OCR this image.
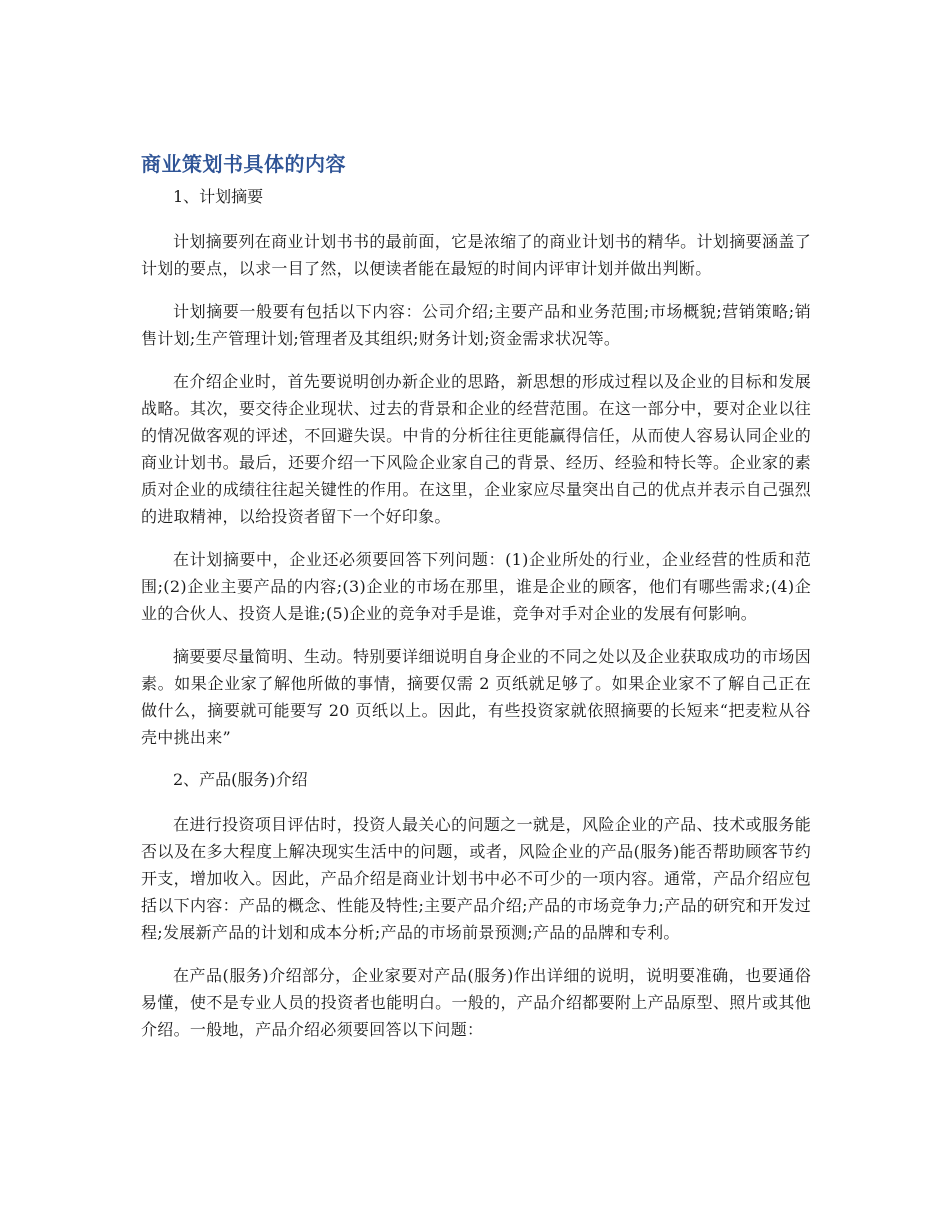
商业策划书具体的内容

1、计划摘要

计划摘要列在商业计划书书的最前面，它是浓缩了的商业计划书的精华。计划摘要涵盖了计划的要点，以求一目了然，以便读者能在最短的时间内评审计划并做出判断。

计划摘要一般要有包括以下内容：公司介绍;主要产品和业务范围;市场概貌;营销策略;销售计划;生产管理计划;管理者及其组织;财务计划;资金需求状况等。

在介绍企业时，首先要说明创办新企业的思路，新思想的形成过程以及企业的目标和发展战略。其次，要交待企业现状、过去的背景和企业的经营范围。在这一部分中，要对企业以往的情况做客观的评述，不回避失误。中肯的分析往往更能赢得信任，从而使人容易认同企业的商业计划书。最后，还要介绍一下风险企业家自己的背景、经历、经验和特长等。企业家的素质对企业的成绩往往起关键性的作用。在这里，企业家应尽量突出自己的优点并表示自己强烈的进取精神，以给投资者留下一个好印象。

在计划摘要中，企业还必须要回答下列问题：(1)企业所处的行业，企业经营的性质和范围;(2)企业主要产品的内容;(3)企业的市场在那里，谁是企业的顾客，他们有哪些需求;(4)企业的合伙人、投资人是谁;(5)企业的竞争对手是谁，竞争对手对企业的发展有何影响。

摘要要尽量简明、生动。特别要详细说明自身企业的不同之处以及企业获取成功的市场因素。如果企业家了解他所做的事情，摘要仅需 2 页纸就足够了。如果企业家不了解自己正在做什么，摘要就可能要写 20 页纸以上。因此，有些投资家就依照摘要的长短来“把麦粒从谷壳中挑出来”

2、产品(服务)介绍

在进行投资项目评估时，投资人最关心的问题之一就是，风险企业的产品、技术或服务能否以及在多大程度上解决现实生活中的问题，或者，风险企业的产品(服务)能否帮助顾客节约开支，增加收入。因此，产品介绍是商业计划书中必不可少的一项内容。通常，产品介绍应包括以下内容：产品的概念、性能及特性;主要产品介绍;产品的市场竞争力;产品的研究和开发过程;发展新产品的计划和成本分析;产品的市场前景预测;产品的品牌和专利。

在产品(服务)介绍部分，企业家要对产品(服务)作出详细的说明，说明要准确，也要通俗易懂，使不是专业人员的投资者也能明白。一般的，产品介绍都要附上产品原型、照片或其他介绍。一般地，产品介绍必须要回答以下问题：
